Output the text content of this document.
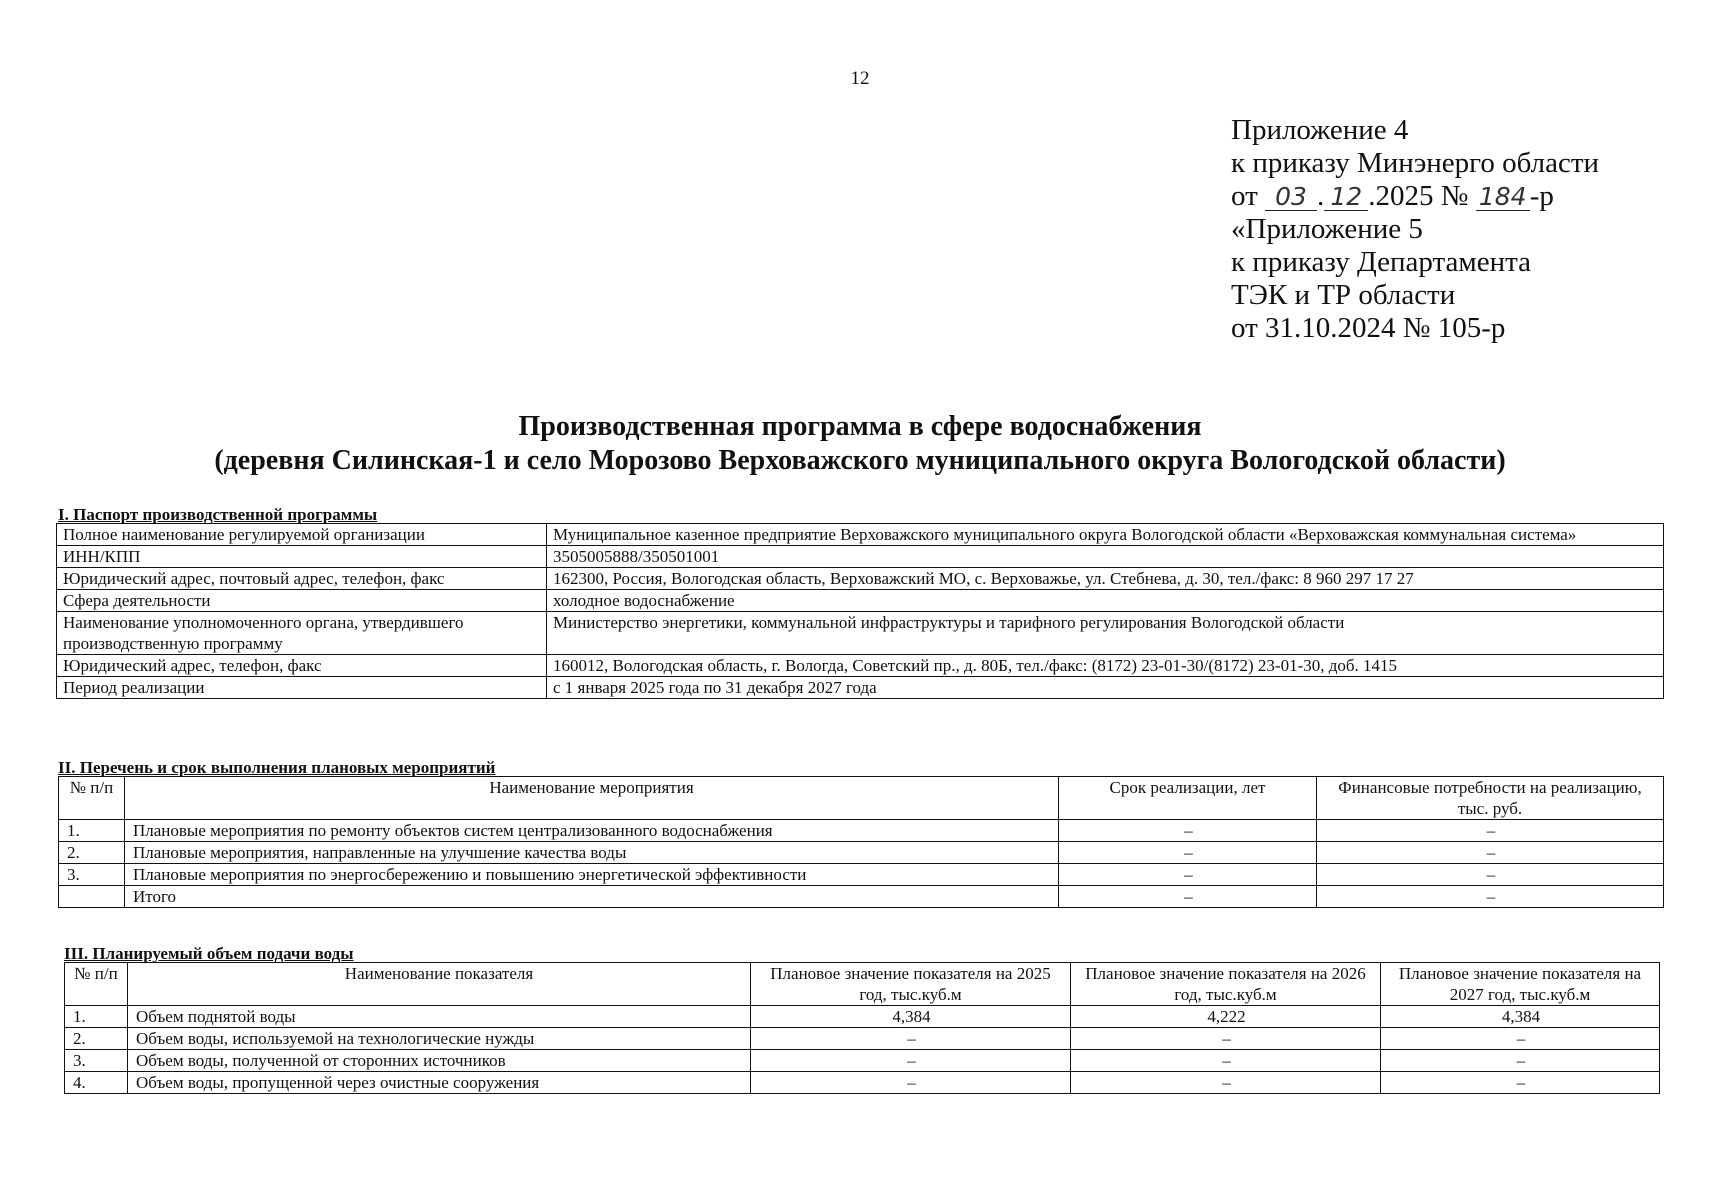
12
Приложение 4
к приказу Минэнерго области
от 03 . 12 .2025 № 184 -р
«Приложение 5
к приказу Департамента
ТЭК и ТР области
от 31.10.2024 № 105-р
Производственная программа в сфере водоснабжения
(деревня Силинская-1 и село Морозово Верховажского муниципального округа Вологодской области)
I. Паспорт производственной программы
Полное наименование регулируемой организации	Муниципальное казенное предприятие Верховажского муниципального округа Вологодской области «Верховажская коммунальная система»
ИНН/КПП	3505005888/350501001
Юридический адрес, почтовый адрес, телефон, факс	162300, Россия, Вологодская область, Верховажский МО, с. Верховажье, ул. Стебнева, д. 30, тел./факс: 8 960 297 17 27
Сфера деятельности	холодное водоснабжение
Наименование уполномоченного органа, утвердившего производственную программу	Министерство энергетики, коммунальной инфраструктуры и тарифного регулирования Вологодской области
Юридический адрес, телефон, факс	160012, Вологодская область, г. Вологда, Советский пр., д. 80Б, тел./факс: (8172) 23-01-30/(8172) 23-01-30, доб. 1415
Период реализации	с 1 января 2025 года по 31 декабря 2027 года
II. Перечень и срок выполнения плановых мероприятий
№ п/п	Наименование мероприятия	Срок реализации, лет	Финансовые потребности на реализацию, тыс. руб.
1.	Плановые мероприятия по ремонту объектов систем централизованного водоснабжения	–	–
2.	Плановые мероприятия, направленные на улучшение качества воды	–	–
3.	Плановые мероприятия по энергосбережению и повышению энергетической эффективности	–	–
	Итого	–	–
III. Планируемый объем подачи воды
№ п/п	Наименование показателя	Плановое значение показателя на 2025 год, тыс.куб.м	Плановое значение показателя на 2026 год, тыс.куб.м	Плановое значение показателя на 2027 год, тыс.куб.м
1.	Объем поднятой воды	4,384	4,222	4,384
2.	Объем воды, используемой на технологические нужды	–	–	–
3.	Объем воды, полученной от сторонних источников	–	–	–
4.	Объем воды, пропущенной через очистные сооружения	–	–	–
